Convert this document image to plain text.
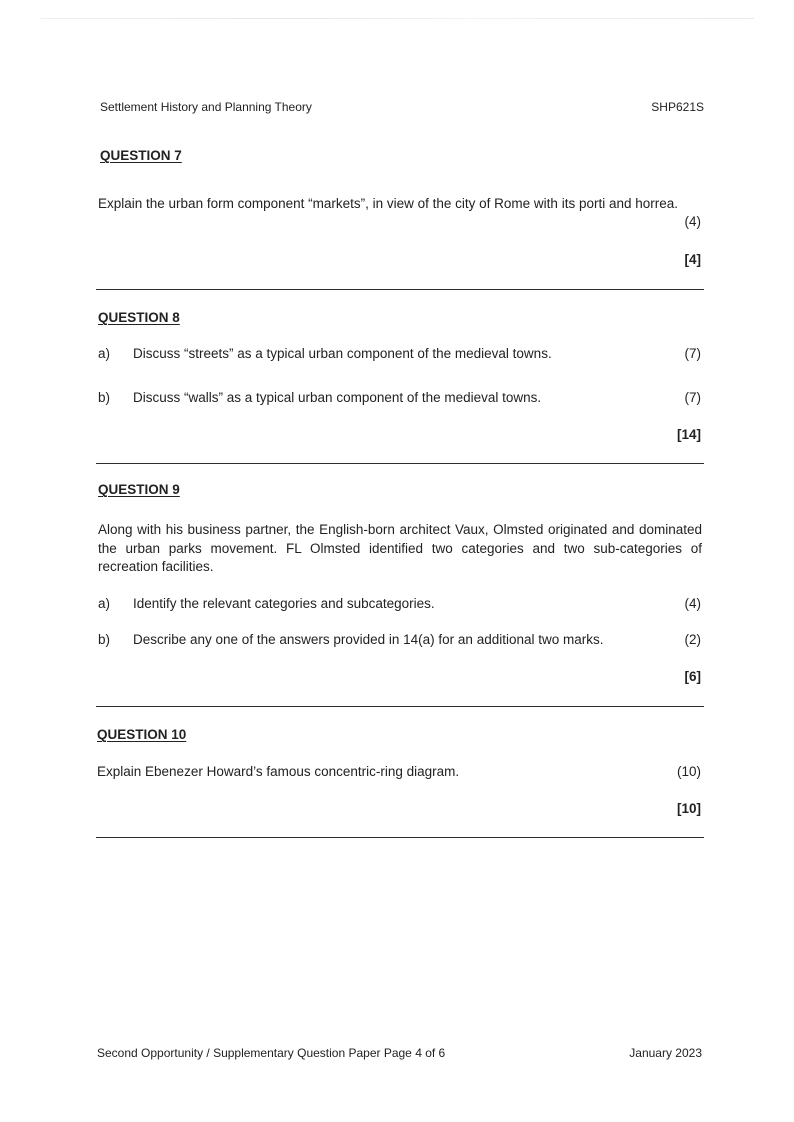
Settlement History and Planning Theory	SHP621S
QUESTION 7
Explain the urban form component “markets”, in view of the city of Rome with its porti and horrea.
(4)
[4]
QUESTION 8
a) Discuss “streets” as a typical urban component of the medieval towns.	(7)
b) Discuss “walls” as a typical urban component of the medieval towns.	(7)
[14]
QUESTION 9
Along with his business partner, the English-born architect Vaux, Olmsted originated and dominated the urban parks movement. FL Olmsted identified two categories and two sub-categories of recreation facilities.
a) Identify the relevant categories and subcategories.	(4)
b) Describe any one of the answers provided in 14(a) for an additional two marks.	(2)
[6]
QUESTION 10
Explain Ebenezer Howard’s famous concentric-ring diagram.	(10)
[10]
Second Opportunity / Supplementary Question Paper Page 4 of 6	January 2023
